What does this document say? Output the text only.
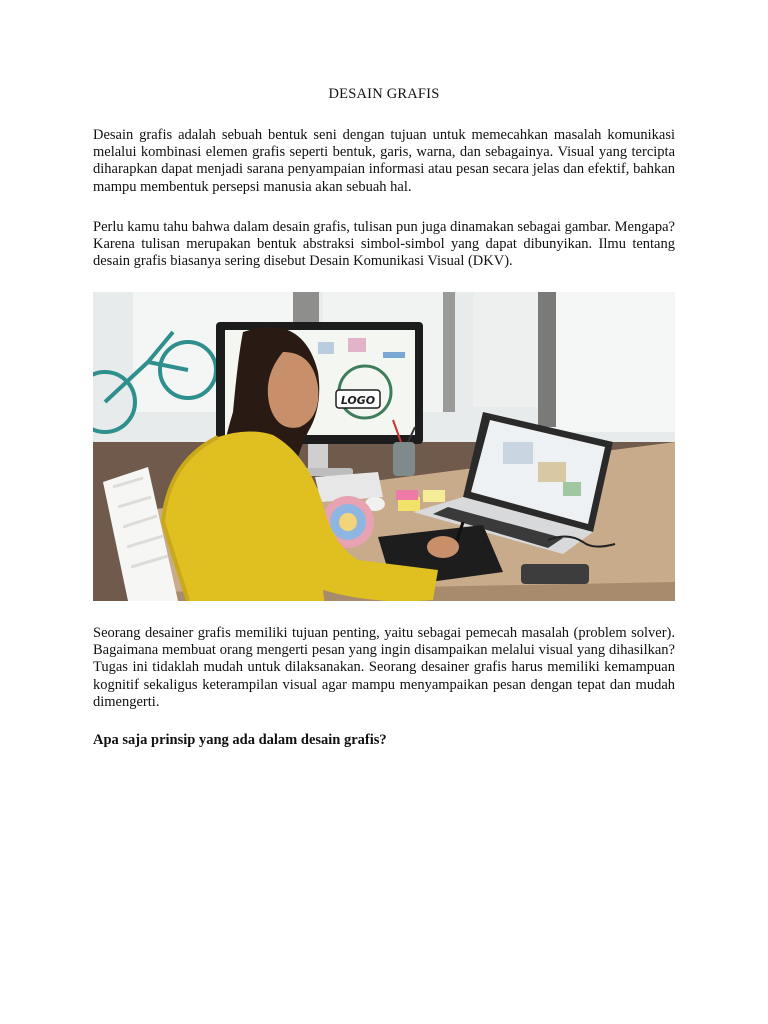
DESAIN GRAFIS

Desain grafis adalah sebuah bentuk seni dengan tujuan untuk memecahkan masalah komunikasi melalui kombinasi elemen grafis seperti bentuk, garis, warna, dan sebagainya. Visual yang tercipta diharapkan dapat menjadi sarana penyampaian informasi atau pesan secara jelas dan efektif, bahkan mampu membentuk persepsi manusia akan sebuah hal.

Perlu kamu tahu bahwa dalam desain grafis, tulisan pun juga dinamakan sebagai gambar. Mengapa? Karena tulisan merupakan bentuk abstraksi simbol-simbol yang dapat dibunyikan. Ilmu tentang desain grafis biasanya sering disebut Desain Komunikasi Visual (DKV).

LOGO

Seorang desainer grafis memiliki tujuan penting, yaitu sebagai pemecah masalah (problem solver). Bagaimana membuat orang mengerti pesan yang ingin disampaikan melalui visual yang dihasilkan? Tugas ini tidaklah mudah untuk dilaksanakan. Seorang desainer grafis harus memiliki kemampuan kognitif sekaligus keterampilan visual agar mampu menyampaikan pesan dengan tepat dan mudah dimengerti.

Apa saja prinsip yang ada dalam desain grafis?
